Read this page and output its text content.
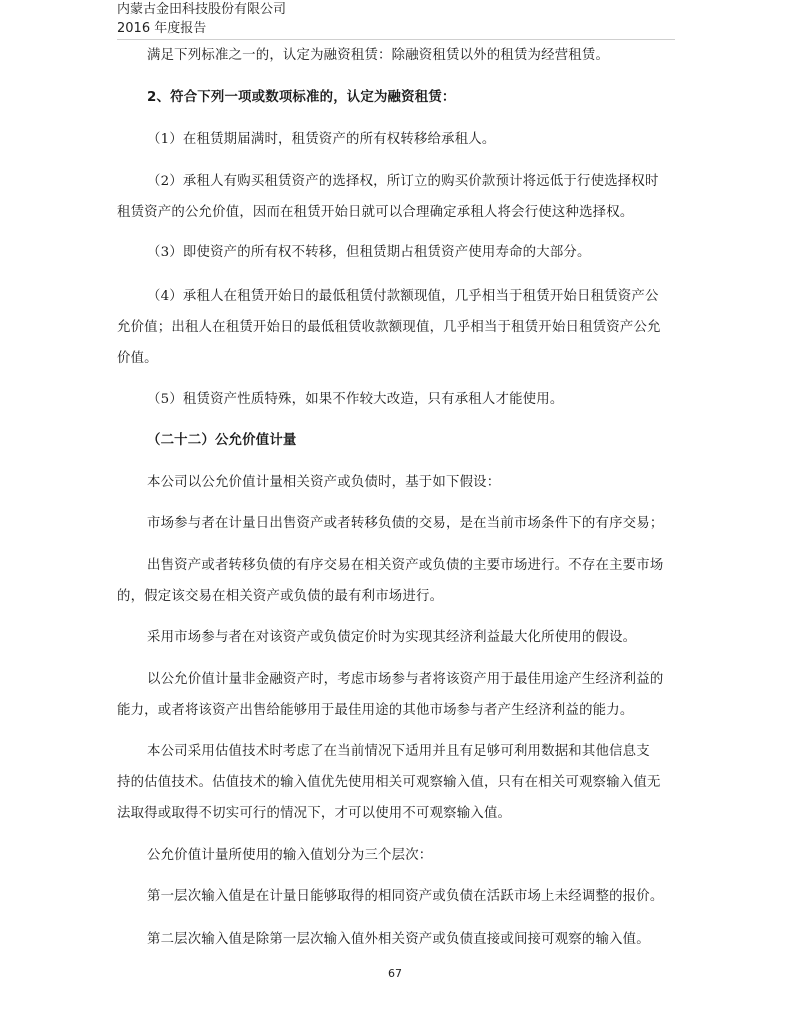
内蒙古金田科技股份有限公司
2016 年度报告
满足下列标准之一的，认定为融资租赁：除融资租赁以外的租赁为经营租赁。
2、符合下列一项或数项标准的，认定为融资租赁：
（1）在租赁期届满时，租赁资产的所有权转移给承租人。
（2）承租人有购买租赁资产的选择权，所订立的购买价款预计将远低于行使选择权时
租赁资产的公允价值，因而在租赁开始日就可以合理确定承租人将会行使这种选择权。
（3）即使资产的所有权不转移，但租赁期占租赁资产使用寿命的大部分。
（4）承租人在租赁开始日的最低租赁付款额现值，几乎相当于租赁开始日租赁资产公
允价值；出租人在租赁开始日的最低租赁收款额现值，几乎相当于租赁开始日租赁资产公允
价值。
（5）租赁资产性质特殊，如果不作较大改造，只有承租人才能使用。
（二十二）公允价值计量
本公司以公允价值计量相关资产或负债时，基于如下假设：
市场参与者在计量日出售资产或者转移负债的交易，是在当前市场条件下的有序交易；
出售资产或者转移负债的有序交易在相关资产或负债的主要市场进行。不存在主要市场
的，假定该交易在相关资产或负债的最有利市场进行。
采用市场参与者在对该资产或负债定价时为实现其经济利益最大化所使用的假设。
以公允价值计量非金融资产时，考虑市场参与者将该资产用于最佳用途产生经济利益的
能力，或者将该资产出售给能够用于最佳用途的其他市场参与者产生经济利益的能力。
本公司采用估值技术时考虑了在当前情况下适用并且有足够可利用数据和其他信息支
持的估值技术。估值技术的输入值优先使用相关可观察输入值，只有在相关可观察输入值无
法取得或取得不切实可行的情况下，才可以使用不可观察输入值。
公允价值计量所使用的输入值划分为三个层次：
第一层次输入值是在计量日能够取得的相同资产或负债在活跃市场上未经调整的报价。
第二层次输入值是除第一层次输入值外相关资产或负债直接或间接可观察的输入值。
67
